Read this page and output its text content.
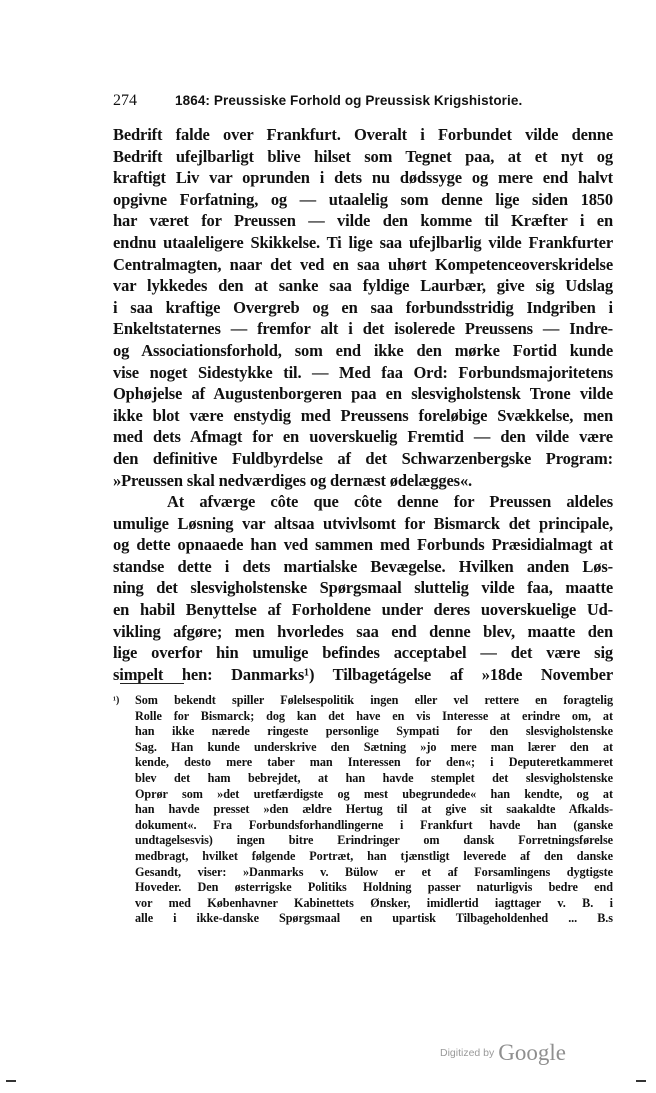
274	1864: Preussiske Forhold og Preussisk Krigshistorie.
Bedrift falde over Frankfurt. Overalt i Forbundet vilde denne
Bedrift ufejlbarligt blive hilset som Tegnet paa, at et nyt og
kraftigt Liv var oprunden i dets nu dødssyge og mere end halvt
opgivne Forfatning, og — utaalelig som denne lige siden 1850
har været for Preussen — vilde den komme til Kræfter i en
endnu utaaleligere Skikkelse. Ti lige saa ufejlbarlig vilde Frankfurter
Centralmagten, naar det ved en saa uhørt Kompetenceoverskridelse
var lykkedes den at sanke saa fyldige Laurbær, give sig Udslag
i saa kraftige Overgreb og en saa forbundsstridig Indgriben i
Enkeltstaternes — fremfor alt i det isolerede Preussens — Indre-
og Associationsforhold, som end ikke den mørke Fortid kunde
vise noget Sidestykke til. — Med faa Ord: Forbundsmajoritetens
Ophøjelse af Augustenborgeren paa en slesvigholstensk Trone vilde
ikke blot være enstydig med Preussens foreløbige Svækkelse, men
med dets Afmagt for en uoverskuelig Fremtid — den vilde være
den definitive Fuldbyrdelse af det Schwarzenbergske Program:
»Preussen skal nedværdiges og dernæst ødelægges«.
At afværge côte que côte denne for Preussen aldeles
umulige Løsning var altsaa utvivlsomt for Bismarck det principale,
og dette opnaaede han ved sammen med Forbunds Præsidialmagt at
standse dette i dets martialske Bevægelse. Hvilken anden Løs-
ning det slesvigholstenske Spørgsmaal sluttelig vilde faa, maatte
en habil Benyttelse af Forholdene under deres uoverskuelige Ud-
vikling afgøre; men hvorledes saa end denne blev, maatte den
lige overfor hin umulige befindes acceptabel — det være sig
simpelt hen: Danmarks¹) Tilbagetágelse af »18de November
¹) Som bekendt spiller Følelsespolitik ingen eller vel rettere en foragtelig
Rolle for Bismarck; dog kan det have en vis Interesse at erindre om, at
han ikke nærede ringeste personlige Sympati for den slesvigholstenske
Sag. Han kunde underskrive den Sætning »jo mere man lærer den at
kende, desto mere taber man Interessen for den«; i Deputeretkammeret
blev det ham bebrejdet, at han havde stemplet det slesvigholstenske
Oprør som »det uretfærdigste og mest ubegrundede« han kendte, og at
han havde presset »den ældre Hertug til at give sit saakaldte Afkalds-
dokument«. Fra Forbundsforhandlingerne i Frankfurt havde han (ganske
undtagelsesvis) ingen bitre Erindringer om dansk Forretningsførelse
medbragt, hvilket følgende Portræt, han tjænstligt leverede af den danske
Gesandt, viser: »Danmarks v. Bülow er et af Forsamlingens dygtigste
Hoveder. Den østerrigske Politiks Holdning passer naturligvis bedre end
vor med Københavner Kabinettets Ønsker, imidlertid iagttager v. B. i
alle i ikke-danske Spørgsmaal en upartisk Tilbageholdenhed ... B.s
Digitized by Google
